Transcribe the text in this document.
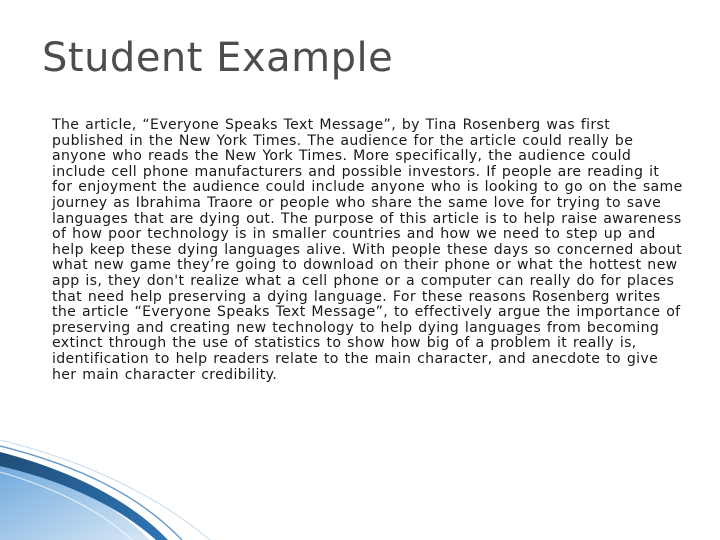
Student Example

The article, “Everyone Speaks Text Message”, by Tina Rosenberg was first published in the New York Times. The audience for the article could really be anyone who reads the New York Times. More specifically, the audience could include cell phone manufacturers and possible investors. If people are reading it for enjoyment the audience could include anyone who is looking to go on the same journey as Ibrahima Traore or people who share the same love for trying to save languages that are dying out. The purpose of this article is to help raise awareness of how poor technology is in smaller countries and how we need to step up and help keep these dying languages alive. With people these days so concerned about what new game they’re going to download on their phone or what the hottest new app is, they don't realize what a cell phone or a computer can really do for places that need help preserving a dying language. For these reasons Rosenberg writes the article “Everyone Speaks Text Message”, to effectively argue the importance of preserving and creating new technology to help dying languages from becoming extinct through the use of statistics to show how big of a problem it really is, identification to help readers relate to the main character, and anecdote to give her main character credibility.
